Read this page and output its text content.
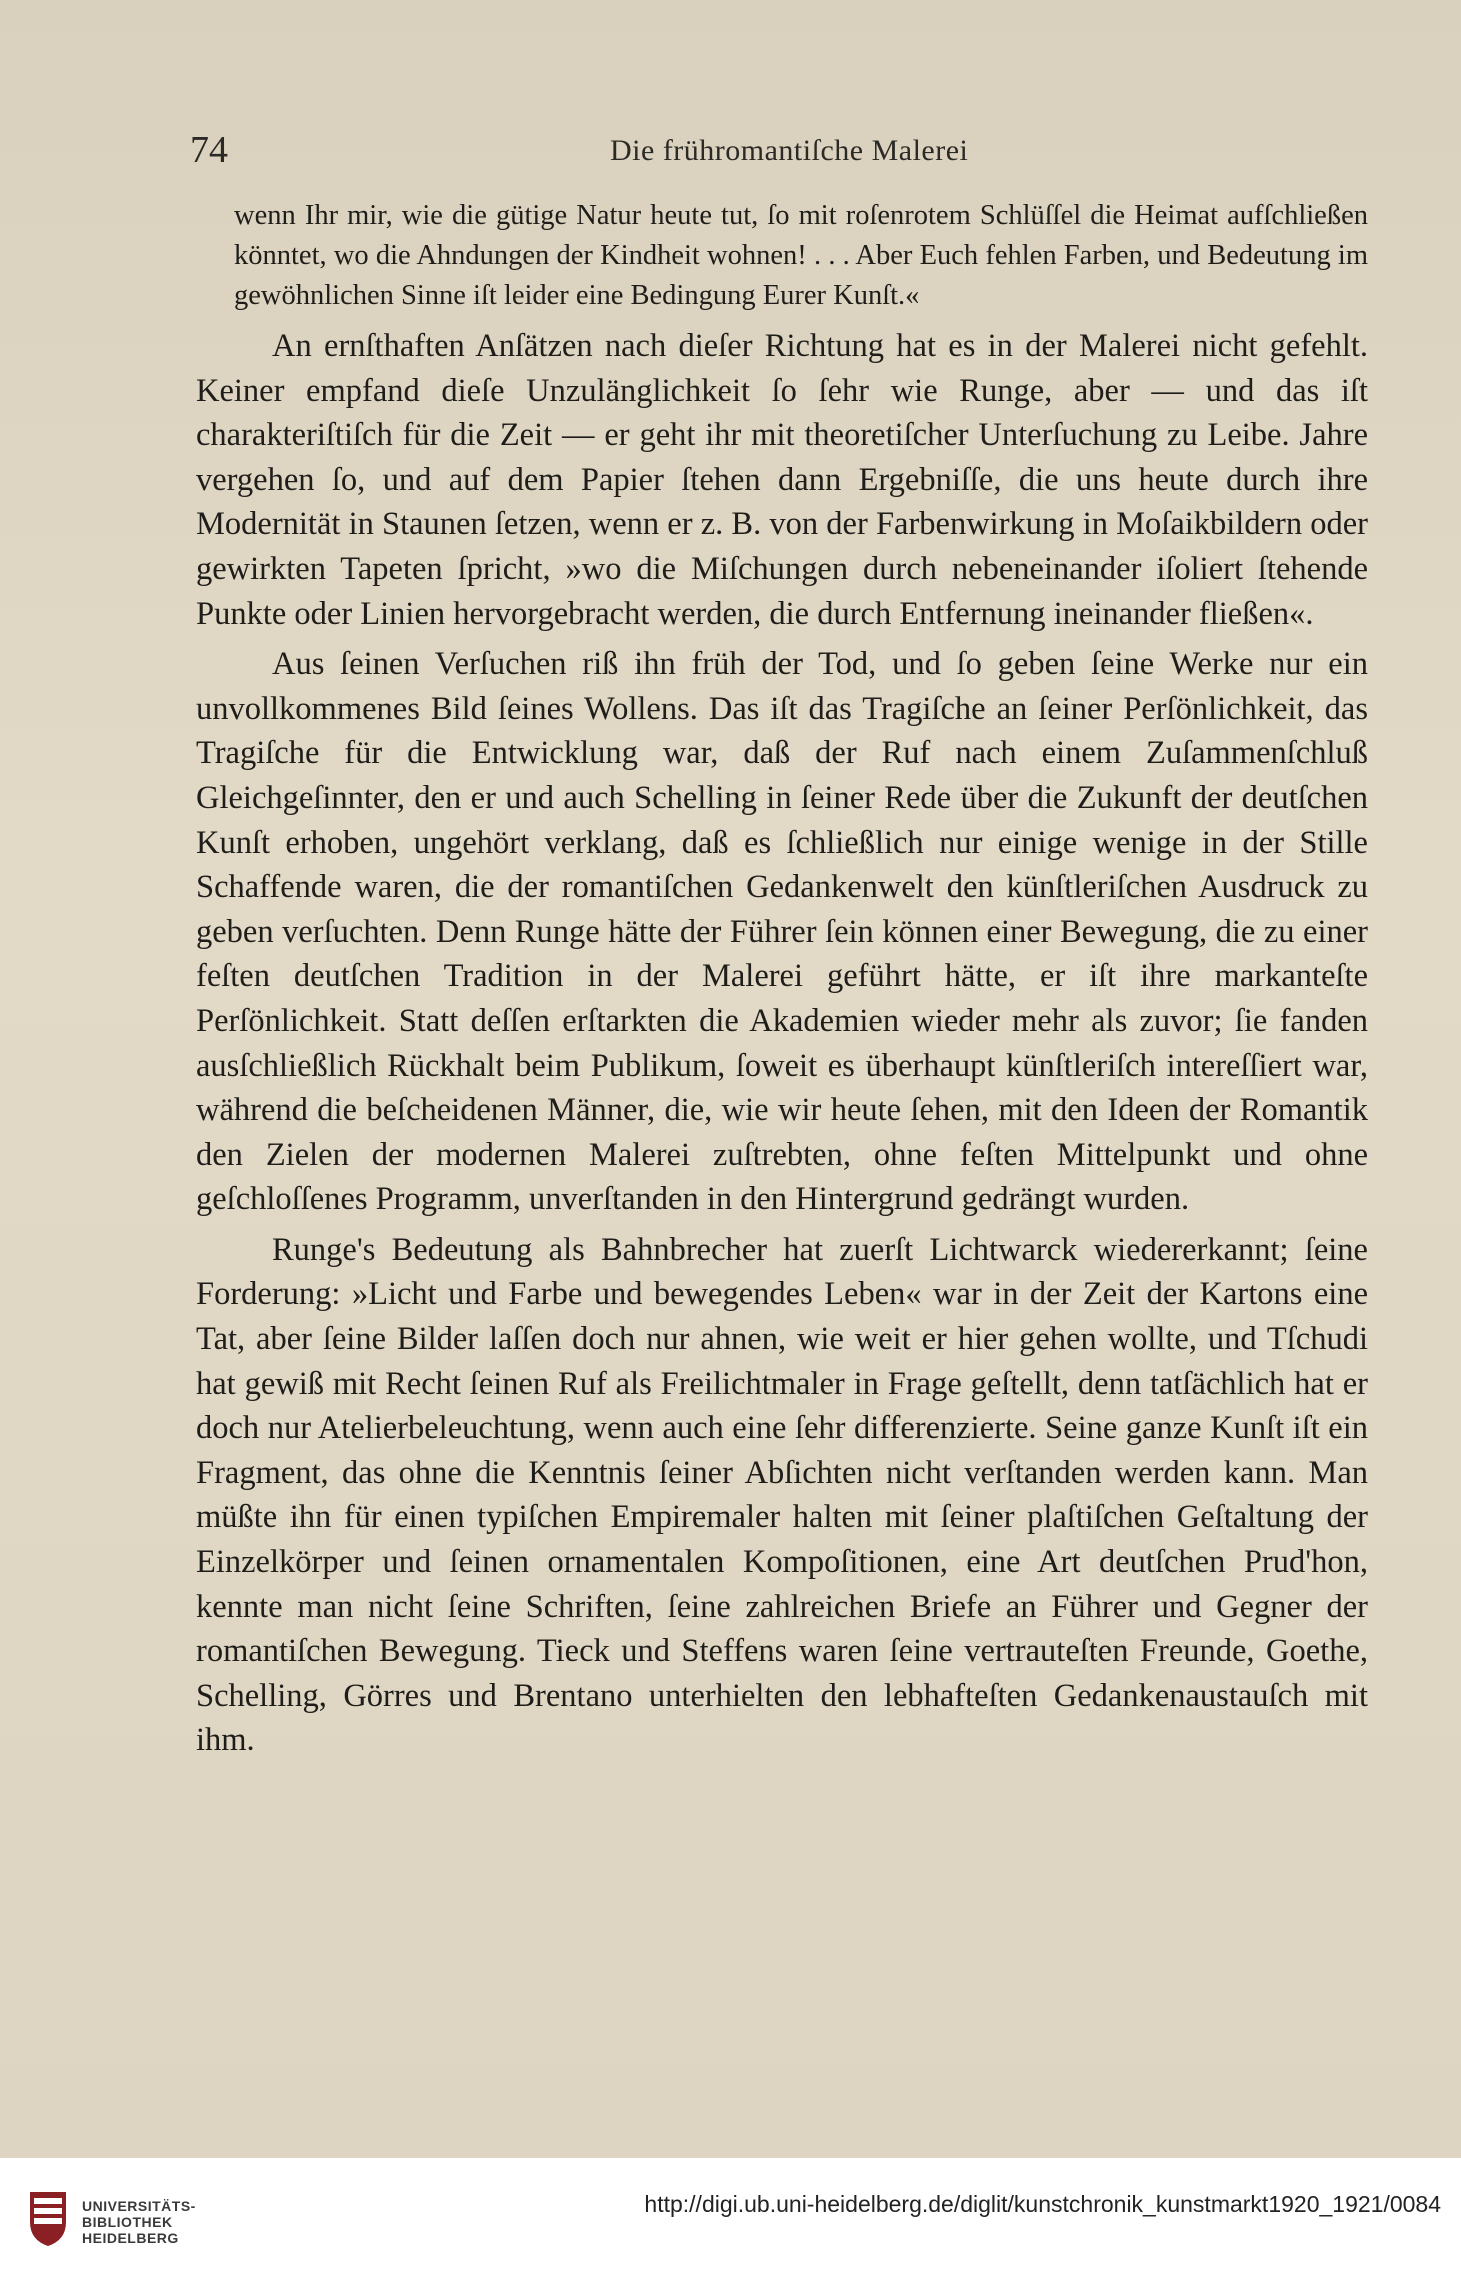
74	Die frühromantiſche Malerei

wenn Ihr mir, wie die gütige Natur heute tut, ſo mit roſenrotem Schlüſſel die Heimat aufſchließen könntet, wo die Ahndungen der Kindheit wohnen! . . . Aber Euch fehlen Farben, und Bedeutung im gewöhnlichen Sinne iſt leider eine Bedingung Eurer Kunſt.«

An ernſthaften Anſätzen nach dieſer Richtung hat es in der Malerei nicht gefehlt. Keiner empfand dieſe Unzulänglichkeit ſo ſehr wie Runge, aber — und das iſt charakteriſtiſch für die Zeit — er geht ihr mit theoretiſcher Unterſuchung zu Leibe. Jahre vergehen ſo, und auf dem Papier ſtehen dann Ergebniſſe, die uns heute durch ihre Modernität in Staunen ſetzen, wenn er z. B. von der Farbenwirkung in Moſaikbildern oder gewirkten Tapeten ſpricht, »wo die Miſchungen durch nebeneinander iſoliert ſtehende Punkte oder Linien hervorgebracht werden, die durch Entfernung ineinander fließen«.

Aus ſeinen Verſuchen riß ihn früh der Tod, und ſo geben ſeine Werke nur ein unvollkommenes Bild ſeines Wollens. Das iſt das Tragiſche an ſeiner Perſönlichkeit, das Tragiſche für die Entwicklung war, daß der Ruf nach einem Zuſammenſchluß Gleichgeſinnter, den er und auch Schelling in ſeiner Rede über die Zukunft der deutſchen Kunſt erhoben, ungehört verklang, daß es ſchließlich nur einige wenige in der Stille Schaffende waren, die der romantiſchen Gedankenwelt den künſtleriſchen Ausdruck zu geben verſuchten. Denn Runge hätte der Führer ſein können einer Bewegung, die zu einer feſten deutſchen Tradition in der Malerei geführt hätte, er iſt ihre markanteſte Perſönlichkeit. Statt deſſen erſtarkten die Akademien wieder mehr als zuvor; ſie fanden ausſchließlich Rückhalt beim Publikum, ſoweit es überhaupt künſtleriſch intereſſiert war, während die beſcheidenen Männer, die, wie wir heute ſehen, mit den Ideen der Romantik den Zielen der modernen Malerei zuſtrebten, ohne feſten Mittelpunkt und ohne geſchloſſenes Programm, unverſtanden in den Hintergrund gedrängt wurden.

Runge's Bedeutung als Bahnbrecher hat zuerſt Lichtwarck wiedererkannt; ſeine Forderung: »Licht und Farbe und bewegendes Leben« war in der Zeit der Kartons eine Tat, aber ſeine Bilder laſſen doch nur ahnen, wie weit er hier gehen wollte, und Tſchudi hat gewiß mit Recht ſeinen Ruf als Freilichtmaler in Frage geſtellt, denn tatſächlich hat er doch nur Atelierbeleuchtung, wenn auch eine ſehr differenzierte. Seine ganze Kunſt iſt ein Fragment, das ohne die Kenntnis ſeiner Abſichten nicht verſtanden werden kann. Man müßte ihn für einen typiſchen Empiremaler halten mit ſeiner plaſtiſchen Geſtaltung der Einzelkörper und ſeinen ornamentalen Kompoſitionen, eine Art deutſchen Prud'hon, kennte man nicht ſeine Schriften, ſeine zahlreichen Briefe an Führer und Gegner der romantiſchen Bewegung. Tieck und Steffens waren ſeine vertrauteſten Freunde, Goethe, Schelling, Görres und Brentano unterhielten den lebhafteſten Gedankenaustauſch mit ihm.

UNIVERSITÄTS-
BIBLIOTHEK
HEIDELBERG
http://digi.ub.uni-heidelberg.de/diglit/kunstchronik_kunstmarkt1920_1921/0084
